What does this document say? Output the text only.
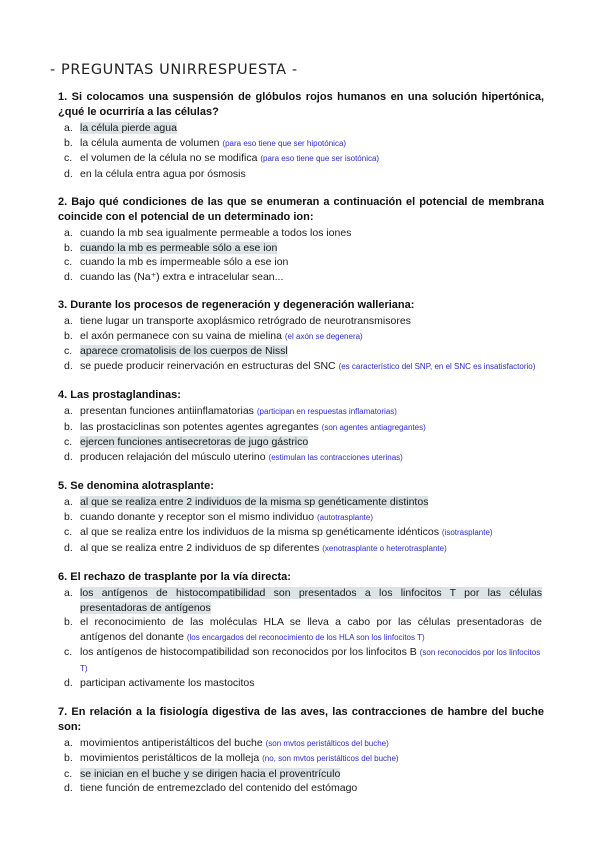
- PREGUNTAS UNIRRESPUESTA -
1. Si colocamos una suspensión de glóbulos rojos humanos en una solución hipertónica, ¿qué le ocurriría a las células?
a. la célula pierde agua
b. la célula aumenta de volumen (para eso tiene que ser hipotónica)
c. el volumen de la célula no se modifica (para eso tiene que ser isotónica)
d. en la célula entra agua por ósmosis
2. Bajo qué condiciones de las que se enumeran a continuación el potencial de membrana coincide con el potencial de un determinado ion:
a. cuando la mb sea igualmente permeable a todos los iones
b. cuando la mb es permeable sólo a ese ion
c. cuando la mb es impermeable sólo a ese ion
d. cuando las (Na⁺) extra e intracelular sean...
3. Durante los procesos de regeneración y degeneración walleriana:
a. tiene lugar un transporte axoplásmico retrógrado de neurotransmisores
b. el axón permanece con su vaina de mielina (el axón se degenera)
c. aparece cromatolisis de los cuerpos de Nissl
d. se puede producir reinervación en estructuras del SNC (es característico del SNP, en el SNC es insatisfactorio)
4. Las prostaglandinas:
a. presentan funciones antiinflamatorias (participan en respuestas inflamatorias)
b. las prostaciclinas son potentes agentes agregantes (son agentes antiagregantes)
c. ejercen funciones antisecretoras de jugo gástrico
d. producen relajación del músculo uterino (estimulan las contracciones uterinas)
5. Se denomina alotrasplante:
a. al que se realiza entre 2 individuos de la misma sp genéticamente distintos
b. cuando donante y receptor son el mismo individuo (autotrasplante)
c. al que se realiza entre los individuos de la misma sp genéticamente idénticos (isotrasplante)
d. al que se realiza entre 2 individuos de sp diferentes (xenotrasplante o heterotrasplante)
6. El rechazo de trasplante por la vía directa:
a. los antígenos de histocompatibilidad son presentados a los linfocitos T por las células presentadoras de antígenos
b. el reconocimiento de las moléculas HLA se lleva a cabo por las células presentadoras de antígenos del donante (los encargados del reconocimiento de los HLA son los linfocitos T)
c. los antígenos de histocompatibilidad son reconocidos por los linfocitos B (son reconocidos por los linfocitos T)
d. participan activamente los mastocitos
7. En relación a la fisiología digestiva de las aves, las contracciones de hambre del buche son:
a. movimientos antiperistálticos del buche (son mvtos peristálticos del buche)
b. movimientos peristálticos de la molleja (no, son mvtos peristálticos del buche)
c. se inician en el buche y se dirigen hacia el proventrículo
d. tiene función de entremezclado del contenido del estómago
